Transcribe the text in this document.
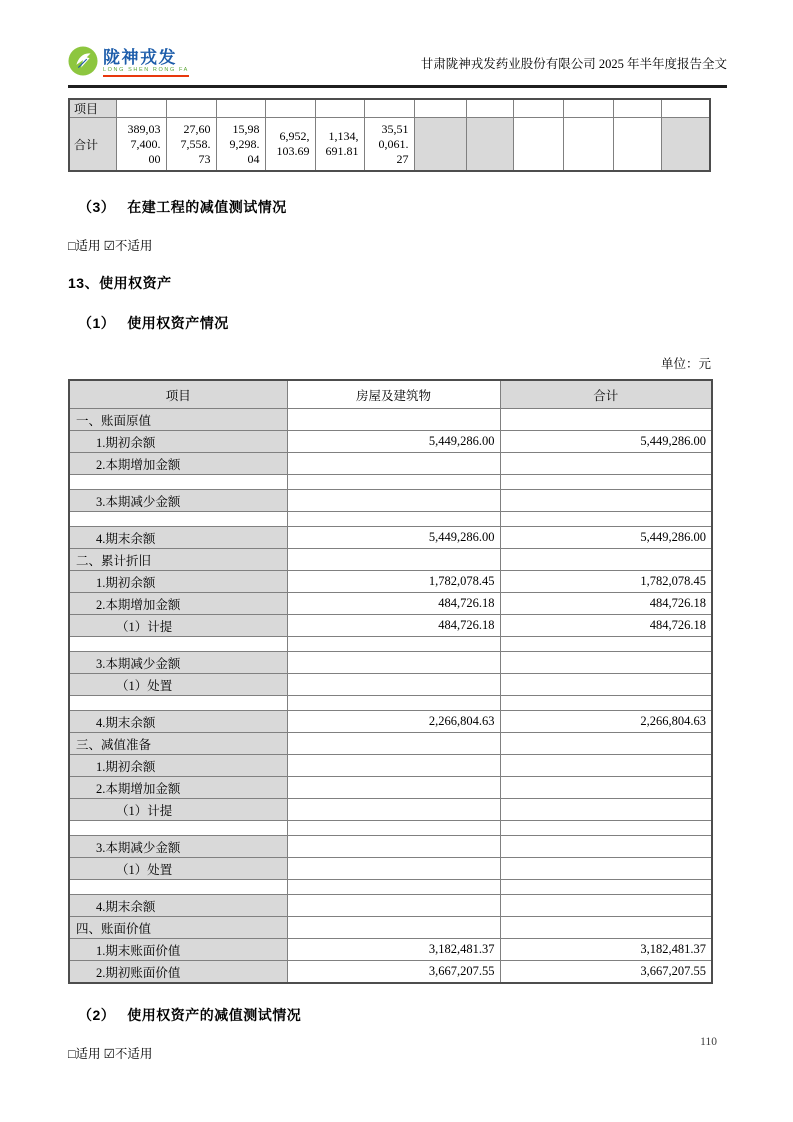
陇神戎发
LONG SHEN RONG FA	甘肃陇神戎发药业股份有限公司 2025 年半年度报告全文
项目												
合计	389,037,400.00	27,607,558.73	15,989,298.04	6,952,103.69	1,134,691.81	35,510,061.27						
（3） 在建工程的减值测试情况
□适用 ☑不适用
13、使用权资产
（1） 使用权资产情况
单位：元
项目	房屋及建筑物	合计
一、账面原值		
1.期初余额	5,449,286.00	5,449,286.00
2.本期增加金额		

3.本期减少金额		

4.期末余额	5,449,286.00	5,449,286.00
二、累计折旧		
1.期初余额	1,782,078.45	1,782,078.45
2.本期增加金额	484,726.18	484,726.18
（1）计提	484,726.18	484,726.18

3.本期减少金额		
（1）处置		

4.期末余额	2,266,804.63	2,266,804.63
三、减值准备		
1.期初余额		
2.本期增加金额		
（1）计提		

3.本期减少金额		
（1）处置		

4.期末余额		
四、账面价值		
1.期末账面价值	3,182,481.37	3,182,481.37
2.期初账面价值	3,667,207.55	3,667,207.55
（2） 使用权资产的减值测试情况
□适用 ☑不适用
110
